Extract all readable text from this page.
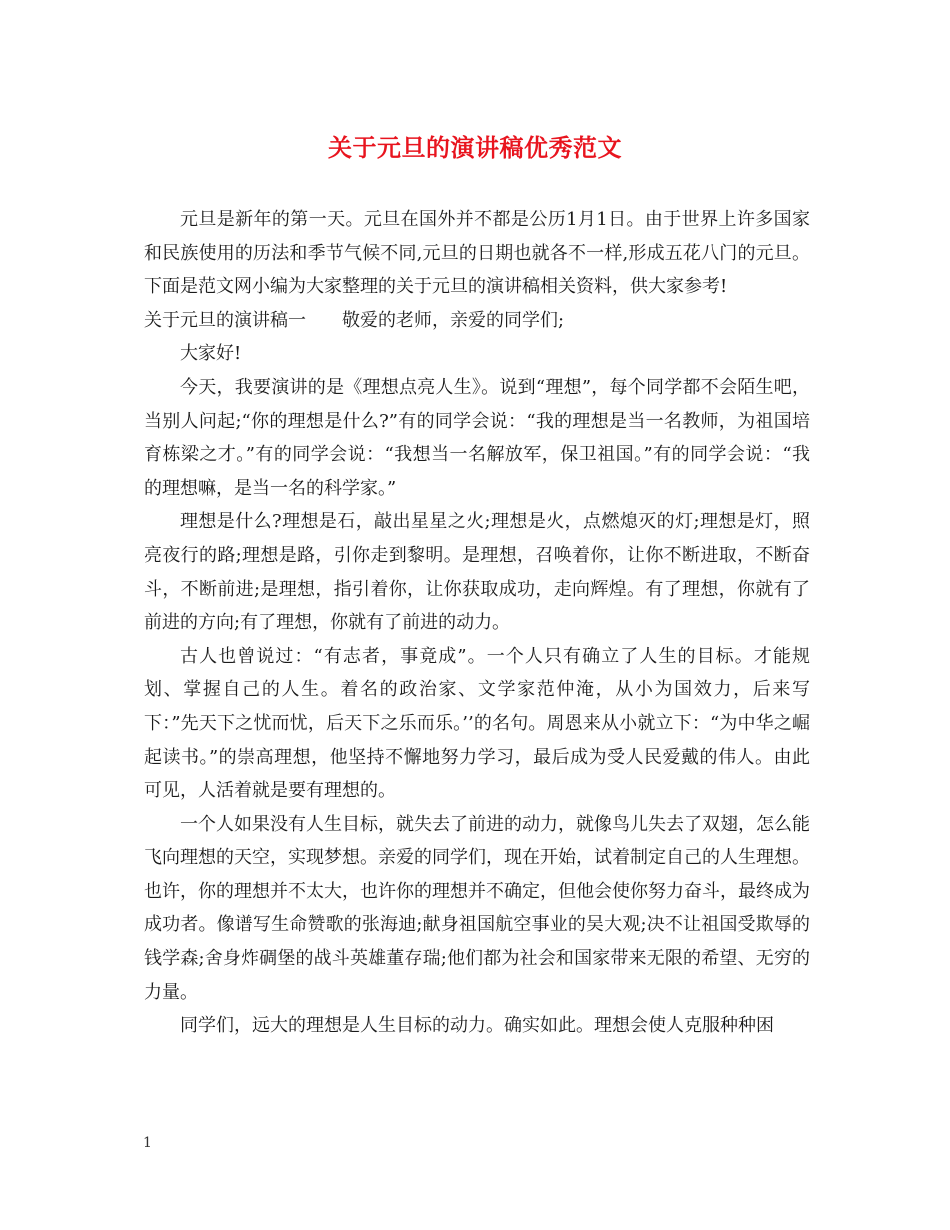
关于元旦的演讲稿优秀范文

元旦是新年的第一天。元旦在国外并不都是公历1月1日。由于世界上许多国家和民族使用的历法和季节气候不同,元旦的日期也就各不一样,形成五花八门的元旦。下面是范文网小编为大家整理的关于元旦的演讲稿相关资料，供大家参考!

关于元旦的演讲稿一　　敬爱的老师，亲爱的同学们;

大家好!

今天，我要演讲的是《理想点亮人生》。说到“理想”，每个同学都不会陌生吧，当别人问起;“你的理想是什么?”有的同学会说：“我的理想是当一名教师，为祖国培育栋梁之才。”有的同学会说：“我想当一名解放军，保卫祖国。”有的同学会说：“我的理想嘛，是当一名的科学家。”

理想是什么?理想是石，敲出星星之火;理想是火，点燃熄灭的灯;理想是灯，照亮夜行的路;理想是路，引你走到黎明。是理想，召唤着你，让你不断进取，不断奋斗，不断前进;是理想，指引着你，让你获取成功，走向辉煌。有了理想，你就有了前进的方向;有了理想，你就有了前进的动力。

古人也曾说过：“有志者，事竟成”。一个人只有确立了人生的目标。才能规划、掌握自己的人生。着名的政治家、文学家范仲淹，从小为国效力，后来写下：”先天下之忧而忧，后天下之乐而乐。’’的名句。周恩来从小就立下：“为中华之崛起读书。”的崇高理想，他坚持不懈地努力学习，最后成为受人民爱戴的伟人。由此可见，人活着就是要有理想的。

一个人如果没有人生目标，就失去了前进的动力，就像鸟儿失去了双翅，怎么能飞向理想的天空，实现梦想。亲爱的同学们，现在开始，试着制定自己的人生理想。也许，你的理想并不太大，也许你的理想并不确定，但他会使你努力奋斗，最终成为成功者。像谱写生命赞歌的张海迪;献身祖国航空事业的吴大观;决不让祖国受欺辱的钱学森;舍身炸碉堡的战斗英雄董存瑞;他们都为社会和国家带来无限的希望、无穷的力量。

同学们，远大的理想是人生目标的动力。确实如此。理想会使人克服种种困

1
